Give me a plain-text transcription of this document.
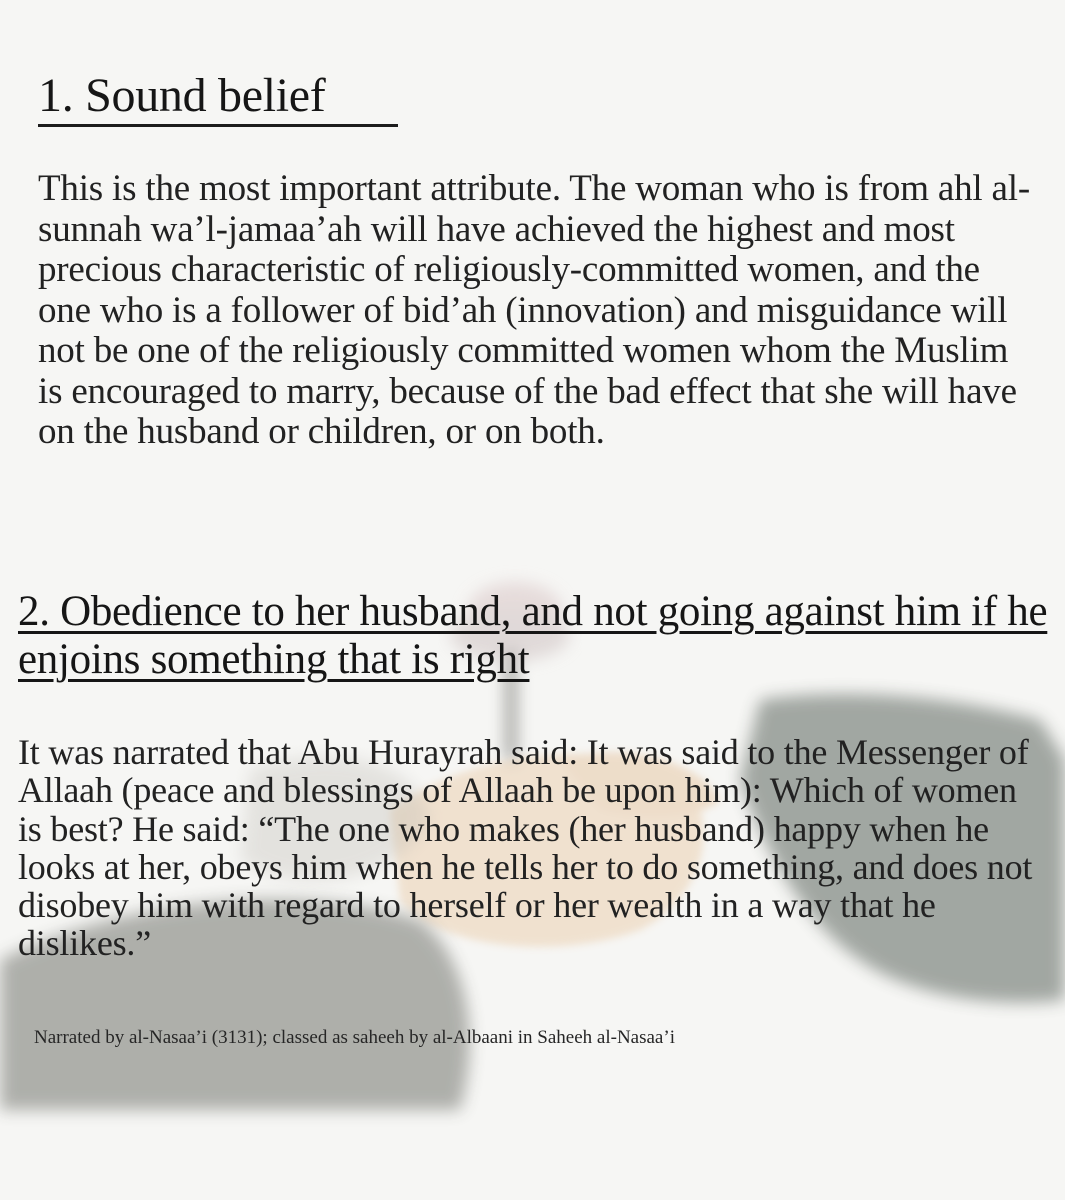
1. Sound belief

This is the most important attribute. The woman who is from ahl al-sunnah wa’l-jamaa’ah will have achieved the highest and most precious characteristic of religiously-committed women, and the one who is a follower of bid’ah (innovation) and misguidance will not be one of the religiously committed women whom the Muslim is encouraged to marry, because of the bad effect that she will have on the husband or children, or on both.

2. Obedience to her husband, and not going against him if he enjoins something that is right

It was narrated that Abu Hurayrah said: It was said to the Messenger of Allaah (peace and blessings of Allaah be upon him): Which of women is best? He said: “The one who makes (her husband) happy when he looks at her, obeys him when he tells her to do something, and does not disobey him with regard to herself or her wealth in a way that he dislikes.”

Narrated by al-Nasaa’i (3131); classed as saheeh by al-Albaani in Saheeh al-Nasaa’i
